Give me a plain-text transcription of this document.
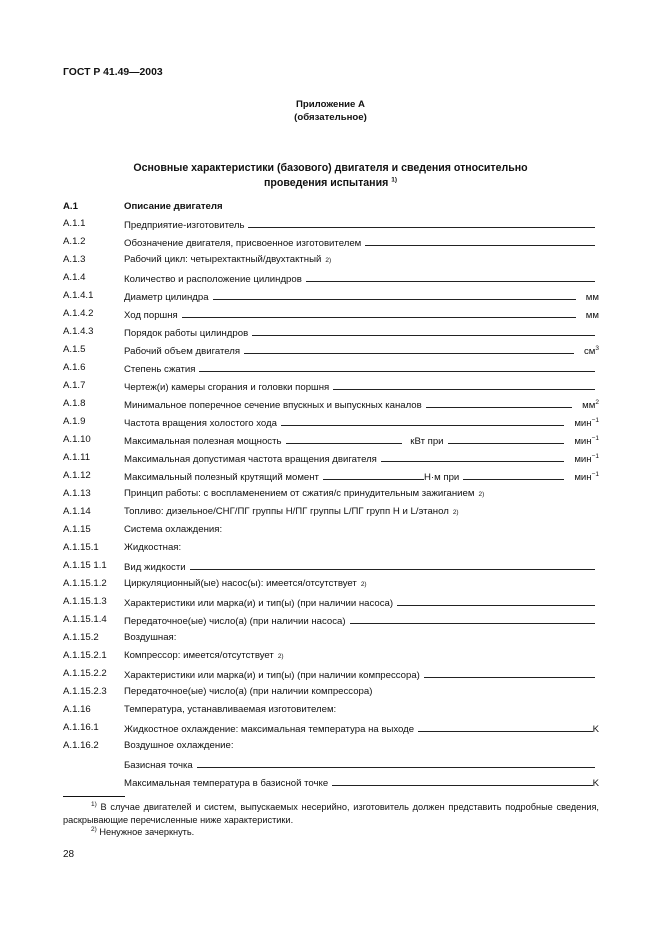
ГОСТ Р 41.49—2003
Приложение А
(обязательное)
Основные характеристики (базового) двигателя и сведения относительно
проведения испытания $^{1)}$
A.1	Описание двигателя
A.1.1	Предприятие-изготовитель
A.1.2	Обозначение двигателя, присвоенное изготовителем
A.1.3	Рабочий цикл: четырехтактный/двухтактный 2)
A.1.4	Количество и расположение цилиндров
A.1.4.1	Диаметр цилиндра	мм
A.1.4.2	Ход поршня	мм
A.1.4.3	Порядок работы цилиндров
A.1.5	Рабочий объем двигателя	$см^3$
A.1.6	Степень сжатия
A.1.7	Чертеж(и) камеры сгорания и головки поршня
A.1.8	Минимальное поперечное сечение впускных и выпускных каналов	$мм^2$
A.1.9	Частота вращения холостого хода	мин$^{-1}$
A.1.10	Максимальная полезная мощность	кВт при	мин$^{-1}$
A.1.11	Максимальная допустимая частота вращения двигателя	мин$^{-1}$
A.1.12	Максимальный полезный крутящий момент	Н·м при	мин$^{-1}$
A.1.13	Принцип работы: с воспламенением от сжатия/с принудительным зажиганием 2)
A.1.14	Топливо: дизельное/СНГ/ПГ группы Н/ПГ группы L/ПГ групп Н и L/этанол 2)
A.1.15	Система охлаждения:
A.1.15.1	Жидкостная:
A.1.15 1.1 Вид жидкости
A.1.15.1.2 Циркуляционный(ые) насос(ы): имеется/отсутствует 2)
A.1.15.1.3 Характеристики или марка(и) и тип(ы) (при наличии насоса)
A.1.15.1.4 Передаточное(ые) число(а) (при наличии насоса)
A.1.15.2	Воздушная:
A.1.15.2.1 Компрессор: имеется/отсутствует 2)
A.1.15.2.2 Характеристики или марка(и) и тип(ы) (при наличии компрессора)
A.1.15.2.3 Передаточное(ые) число(а) (при наличии компрессора)
A.1.16	Температура, устанавливаемая изготовителем:
A.1.16.1	Жидкостное охлаждение: максимальная температура на выходе	K
A.1.16.2	Воздушное охлаждение:
Базисная точка
Максимальная температура в базисной точке	K
$^{1)}$ В случае двигателей и систем, выпускаемых несерийно, изготовитель должен представить подробные сведения, раскрывающие перечисленные ниже характеристики.
$^{2)}$ Ненужное зачеркнуть.
28
